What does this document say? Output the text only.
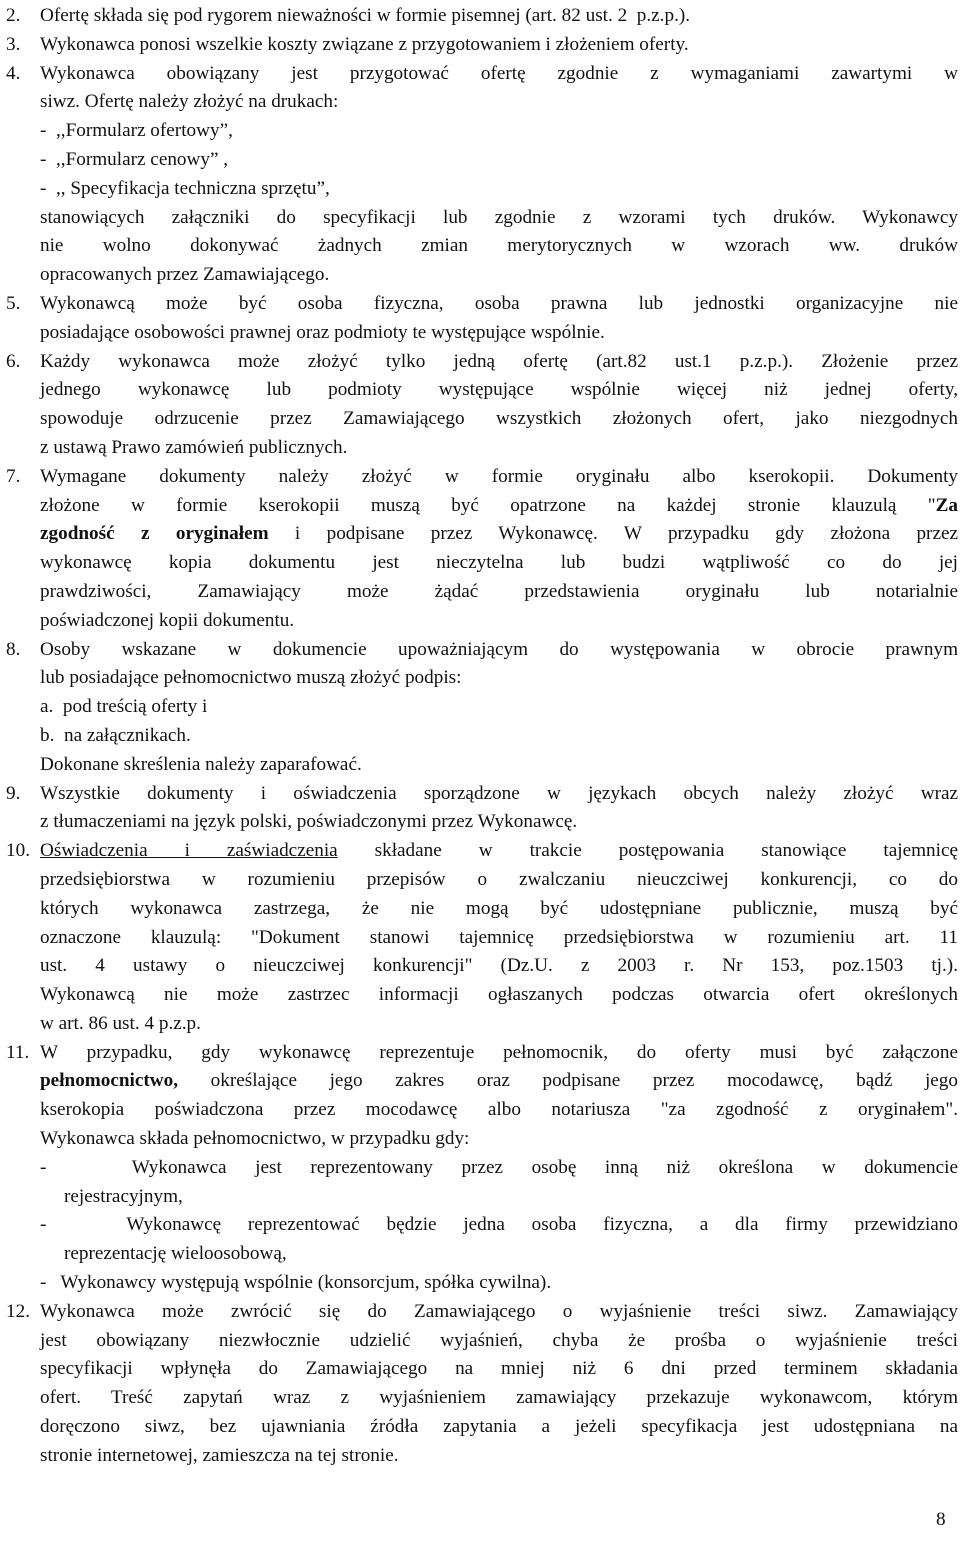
2.	Ofertę składa się pod rygorem nieważności w formie pisemnej (art. 82 ust. 2  p.z.p.).
3.	Wykonawca ponosi wszelkie koszty związane z przygotowaniem i złożeniem oferty.
4.	Wykonawca obowiązany jest przygotować ofertę zgodnie z wymaganiami zawartymi w
siwz. Ofertę należy złożyć na drukach:
-  ,,Formularz ofertowy”,
-  ,,Formularz cenowy” ,
-  ,, Specyfikacja techniczna sprzętu”,
stanowiących załączniki do specyfikacji lub zgodnie z wzorami tych druków. Wykonawcy
nie wolno dokonywać żadnych zmian merytorycznych w wzorach ww. druków
opracowanych przez Zamawiającego.
5.	Wykonawcą może być osoba fizyczna, osoba prawna lub jednostki organizacyjne nie
posiadające osobowości prawnej oraz podmioty te występujące wspólnie.
6.	Każdy wykonawca może złożyć tylko jedną ofertę (art.82 ust.1 p.z.p.). Złożenie przez
jednego wykonawcę lub podmioty występujące wspólnie więcej niż jednej oferty,
spowoduje odrzucenie przez Zamawiającego wszystkich złożonych ofert, jako niezgodnych
z ustawą Prawo zamówień publicznych.
7.	Wymagane dokumenty należy złożyć w formie oryginału albo kserokopii. Dokumenty
złożone w formie kserokopii muszą być opatrzone na każdej stronie klauzulą "Za
zgodność z oryginałem i podpisane przez Wykonawcę. W przypadku gdy złożona przez
wykonawcę kopia dokumentu jest nieczytelna lub budzi wątpliwość co do jej
prawdziwości, Zamawiający może żądać przedstawienia oryginału lub notarialnie
poświadczonej kopii dokumentu.
8.	Osoby wskazane w dokumencie upoważniającym do występowania w obrocie prawnym
lub posiadające pełnomocnictwo muszą złożyć podpis:
a.  pod treścią oferty i
b.  na załącznikach.
Dokonane skreślenia należy zaparafować.
9.	Wszystkie dokumenty i oświadczenia sporządzone w językach obcych należy złożyć wraz
z tłumaczeniami na język polski, poświadczonymi przez Wykonawcę.
10. Oświadczenia i zaświadczenia składane w trakcie postępowania stanowiące tajemnicę
przedsiębiorstwa w rozumieniu przepisów o zwalczaniu nieuczciwej konkurencji, co do
których wykonawca zastrzega, że nie mogą być udostępniane publicznie, muszą być
oznaczone klauzulą: "Dokument stanowi tajemnicę przedsiębiorstwa w rozumieniu art. 11
ust. 4 ustawy o nieuczciwej konkurencji" (Dz.U. z 2003 r. Nr 153, poz.1503 tj.).
Wykonawcą nie może zastrzec informacji ogłaszanych podczas otwarcia ofert określonych
w art. 86 ust. 4 p.z.p.
11. W przypadku, gdy wykonawcę reprezentuje pełnomocnik, do oferty musi być załączone
pełnomocnictwo, określające jego zakres oraz podpisane przez mocodawcę, bądź jego
kserokopia poświadczona przez mocodawcę albo notariusza "za zgodność z oryginałem".
Wykonawca składa pełnomocnictwo, w przypadku gdy:
-   Wykonawca jest reprezentowany przez osobę inną niż określona w dokumencie
rejestracyjnym,
-   Wykonawcę reprezentować będzie jedna osoba fizyczna, a dla firmy przewidziano
reprezentację wieloosobową,
-   Wykonawcy występują wspólnie (konsorcjum, spółka cywilna).
12. Wykonawca może zwrócić się do Zamawiającego o wyjaśnienie treści siwz. Zamawiający
jest obowiązany niezwłocznie udzielić wyjaśnień, chyba że prośba o wyjaśnienie treści
specyfikacji wpłynęła do Zamawiającego na mniej niż 6 dni przed terminem składania
ofert. Treść zapytań wraz z wyjaśnieniem zamawiający przekazuje wykonawcom, którym
doręczono siwz, bez ujawniania źródła zapytania a jeżeli specyfikacja jest udostępniana na
stronie internetowej, zamieszcza na tej stronie.
8
